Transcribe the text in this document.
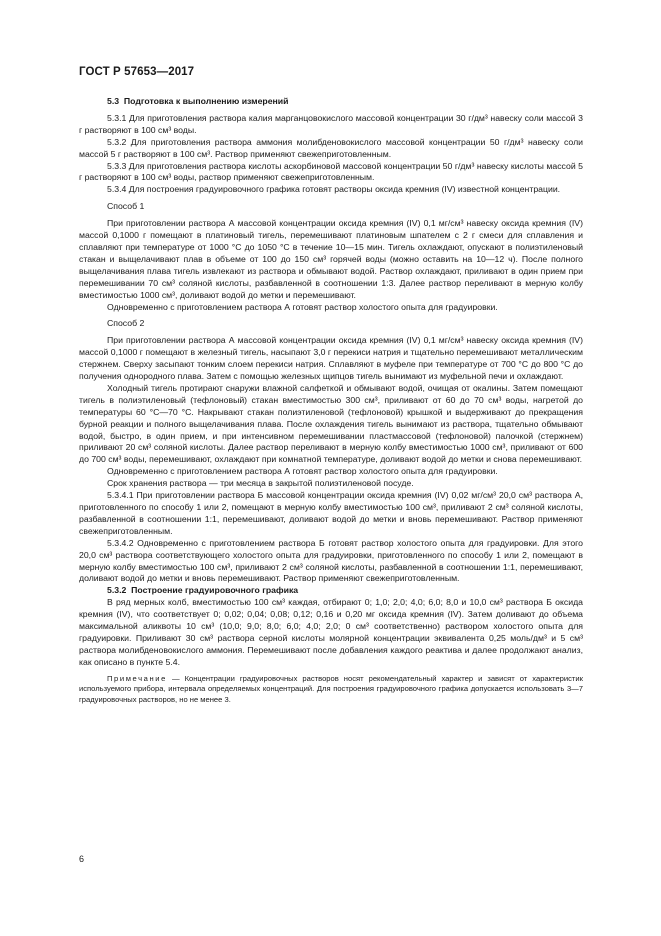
ГОСТ Р 57653—2017

5.3 Подготовка к выполнению измерений

5.3.1 Для приготовления раствора калия марганцовокислого массовой концентрации 30 г/дм³ навеску соли массой 3 г растворяют в 100 см³ воды.

5.3.2 Для приготовления раствора аммония молибденовокислого массовой концентрации 50 г/дм³ навеску соли массой 5 г растворяют в 100 см³. Раствор применяют свежеприготовленным.

5.3.3 Для приготовления раствора кислоты аскорбиновой массовой концентрации 50 г/дм³ навеску кислоты массой 5 г растворяют в 100 см³ воды, раствор применяют свежеприготовленным.

5.3.4 Для построения градуировочного графика готовят растворы оксида кремния (IV) известной концентрации.

Способ 1

При приготовлении раствора А массовой концентрации оксида кремния (IV) 0,1 мг/см³ навеску оксида кремния (IV) массой 0,1000 г помещают в платиновый тигель, перемешивают платиновым шпателем с 2 г смеси для сплавления и сплавляют при температуре от 1000 °C до 1050 °C в течение 10—15 мин. Тигель охлаждают, опускают в полиэтиленовый стакан и выщелачивают плав в объеме от 100 до 150 см³ горячей воды (можно оставить на 10—12 ч). После полного выщелачивания плава тигель извлекают из раствора и обмывают водой. Раствор охлаждают, приливают в один прием при перемешивании 70 см³ соляной кислоты, разбавленной в соотношении 1:3. Далее раствор переливают в мерную колбу вместимостью 1000 см³, доливают водой до метки и перемешивают.

Одновременно с приготовлением раствора А готовят раствор холостого опыта для градуировки.

Способ 2

При приготовлении раствора А массовой концентрации оксида кремния (IV) 0,1 мг/см³ навеску оксида кремния (IV) массой 0,1000 г помещают в железный тигель, насыпают 3,0 г перекиси натрия и тщательно перемешивают металлическим стержнем. Сверху засыпают тонким слоем перекиси натрия. Сплавляют в муфеле при температуре от 700 °C до 800 °C до получения однородного плава. Затем с помощью железных щипцов тигель вынимают из муфельной печи и охлаждают.

Холодный тигель протирают снаружи влажной салфеткой и обмывают водой, очищая от окалины. Затем помещают тигель в полиэтиленовый (тефлоновый) стакан вместимостью 300 см³, приливают от 60 до 70 см³ воды, нагретой до температуры 60 °C—70 °C. Накрывают стакан полиэтиленовой (тефлоновой) крышкой и выдерживают до прекращения бурной реакции и полного выщелачивания плава. После охлаждения тигель вынимают из раствора, тщательно обмывают водой, быстро, в один прием, и при интенсивном перемешивании пластмассовой (тефлоновой) палочкой (стержнем) приливают 20 см³ соляной кислоты. Далее раствор переливают в мерную колбу вместимостью 1000 см³, приливают от 600 до 700 см³ воды, перемешивают, охлаждают при комнатной температуре, доливают водой до метки и снова перемешивают.

Одновременно с приготовлением раствора А готовят раствор холостого опыта для градуировки.

Срок хранения раствора — три месяца в закрытой полиэтиленовой посуде.

5.3.4.1 При приготовлении раствора Б массовой концентрации оксида кремния (IV) 0,02 мг/см³ 20,0 см³ раствора А, приготовленного по способу 1 или 2, помещают в мерную колбу вместимостью 100 см³, приливают 2 см³ соляной кислоты, разбавленной в соотношении 1:1, перемешивают, доливают водой до метки и вновь перемешивают. Раствор применяют свежеприготовленным.

5.3.4.2 Одновременно с приготовлением раствора Б готовят раствор холостого опыта для градуировки. Для этого 20,0 см³ раствора соответствующего холостого опыта для градуировки, приготовленного по способу 1 или 2, помещают в мерную колбу вместимостью 100 см³, приливают 2 см³ соляной кислоты, разбавленной в соотношении 1:1, перемешивают, доливают водой до метки и вновь перемешивают. Раствор применяют свежеприготовленным.

5.3.2 Построение градуировочного графика

В ряд мерных колб, вместимостью 100 см³ каждая, отбирают 0; 1,0; 2,0; 4,0; 6,0; 8,0 и 10,0 см³ раствора Б оксида кремния (IV), что соответствует 0; 0,02; 0,04; 0,08; 0,12; 0,16 и 0,20 мг оксида кремния (IV). Затем доливают до объема максимальной аликвоты 10 см³ (10,0; 9,0; 8,0; 6,0; 4,0; 2,0; 0 см³ соответственно) раствором холостого опыта для градуировки. Приливают 30 см³ раствора серной кислоты молярной концентрации эквивалента 0,25 моль/дм³ и 5 см³ раствора молибденовокислого аммония. Перемешивают после добавления каждого реактива и далее продолжают анализ, как описано в пункте 5.4.

Примечание — Концентрации градуировочных растворов носят рекомендательный характер и зависят от характеристик используемого прибора, интервала определяемых концентраций. Для построения градуировочного графика допускается использовать 3—7 градуировочных растворов, но не менее 3.
6
